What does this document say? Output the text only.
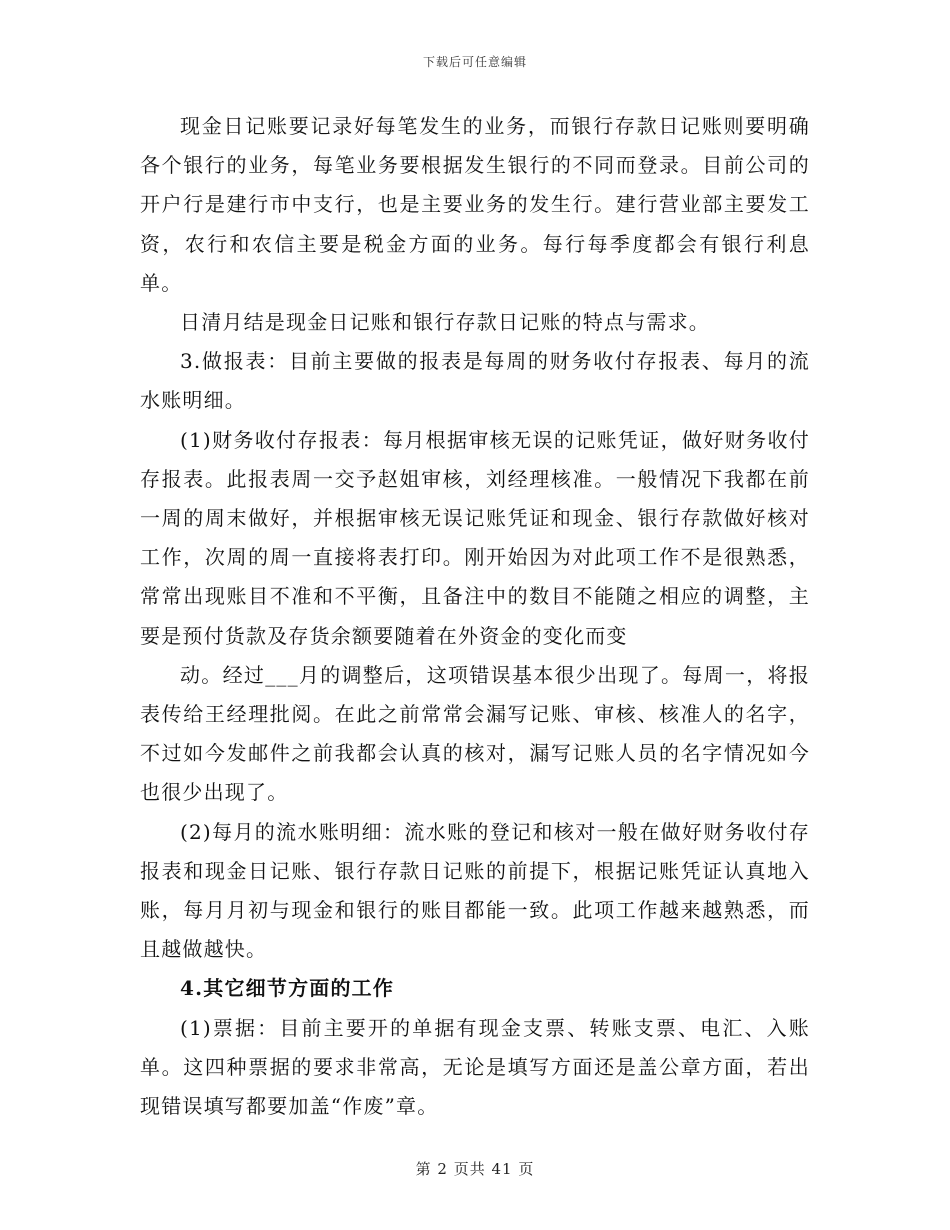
下载后可任意编辑

现金日记账要记录好每笔发生的业务，而银行存款日记账则要明确各个银行的业务，每笔业务要根据发生银行的不同而登录。目前公司的开户行是建行市中支行，也是主要业务的发生行。建行营业部主要发工资，农行和农信主要是税金方面的业务。每行每季度都会有银行利息单。

日清月结是现金日记账和银行存款日记账的特点与需求。

3.做报表：目前主要做的报表是每周的财务收付存报表、每月的流水账明细。

(1)财务收付存报表：每月根据审核无误的记账凭证，做好财务收付存报表。此报表周一交予赵姐审核，刘经理核准。一般情况下我都在前一周的周末做好，并根据审核无误记账凭证和现金、银行存款做好核对工作，次周的周一直接将表打印。刚开始因为对此项工作不是很熟悉，常常出现账目不准和不平衡，且备注中的数目不能随之相应的调整，主要是预付货款及存货余额要随着在外资金的变化而变

动。经过___月的调整后，这项错误基本很少出现了。每周一，将报表传给王经理批阅。在此之前常常会漏写记账、审核、核准人的名字，不过如今发邮件之前我都会认真的核对，漏写记账人员的名字情况如今也很少出现了。

(2)每月的流水账明细：流水账的登记和核对一般在做好财务收付存报表和现金日记账、银行存款日记账的前提下，根据记账凭证认真地入账，每月月初与现金和银行的账目都能一致。此项工作越来越熟悉，而且越做越快。

4.其它细节方面的工作

(1)票据：目前主要开的单据有现金支票、转账支票、电汇、入账单。这四种票据的要求非常高，无论是填写方面还是盖公章方面，若出现错误填写都要加盖“作废”章。

第 2 页共 41 页
